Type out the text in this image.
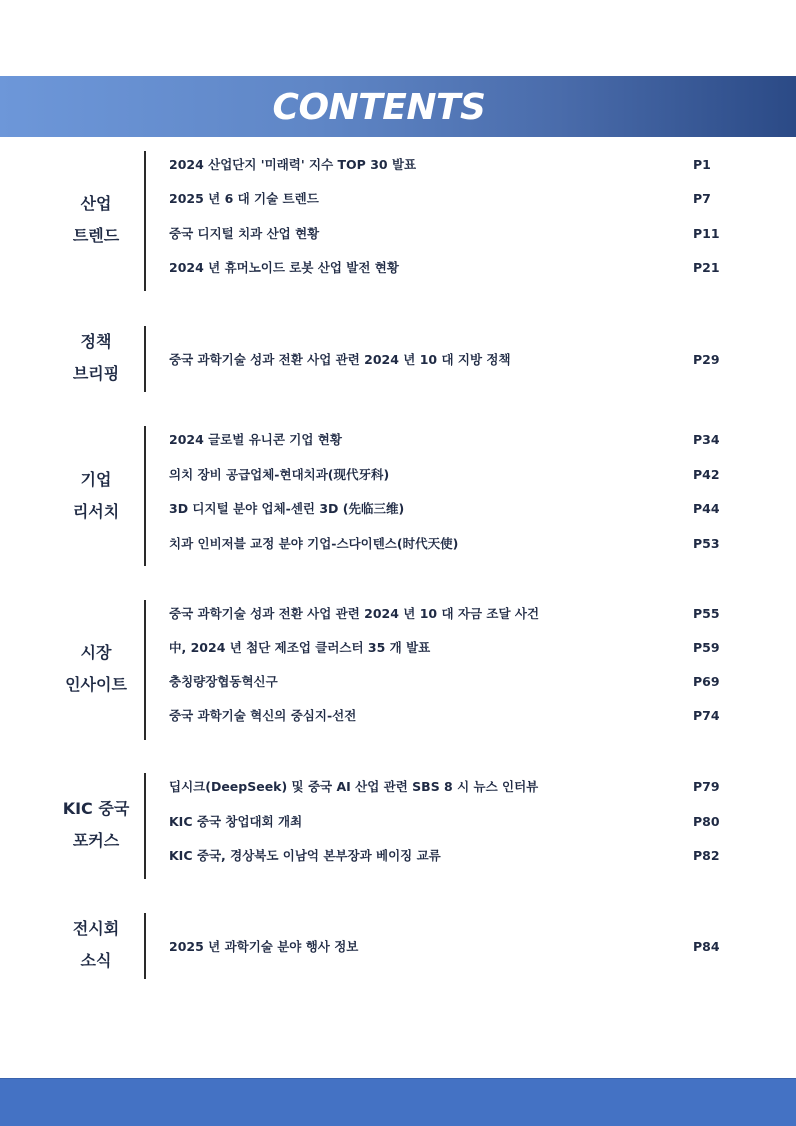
CONTENTS
산업
트렌드
2024 산업단지 '미래력' 지수 TOP 30 발표	P1
2025 년 6 대 기술 트렌드	P7
중국 디지털 치과 산업 현황	P11
2024 년 휴머노이드 로봇 산업 발전 현황	P21
정책
브리핑
중국 과학기술 성과 전환 사업 관련 2024 년 10 대 지방 정책	P29
기업
리서치
2024 글로벌 유니콘 기업 현황	P34
의치 장비 공급업체-현대치과(现代牙科)	P42
3D 디지털 분야 업체-센린 3D (先临三维)	P44
치과 인비저블 교정 분야 기업-스다이텐스(时代天使)	P53
시장
인사이트
중국 과학기술 성과 전환 사업 관련 2024 년 10 대 자금 조달 사건	P55
中, 2024 년 첨단 제조업 클러스터 35 개 발표	P59
충칭량장협동혁신구	P69
중국 과학기술 혁신의 중심지-선전	P74
KIC 중국
포커스
딥시크(DeepSeek) 및 중국 AI 산업 관련 SBS 8 시 뉴스 인터뷰	P79
KIC 중국 창업대회 개최	P80
KIC 중국, 경상북도 이남억 본부장과 베이징 교류	P82
전시회
소식
2025 년 과학기술 분야 행사 정보	P84
